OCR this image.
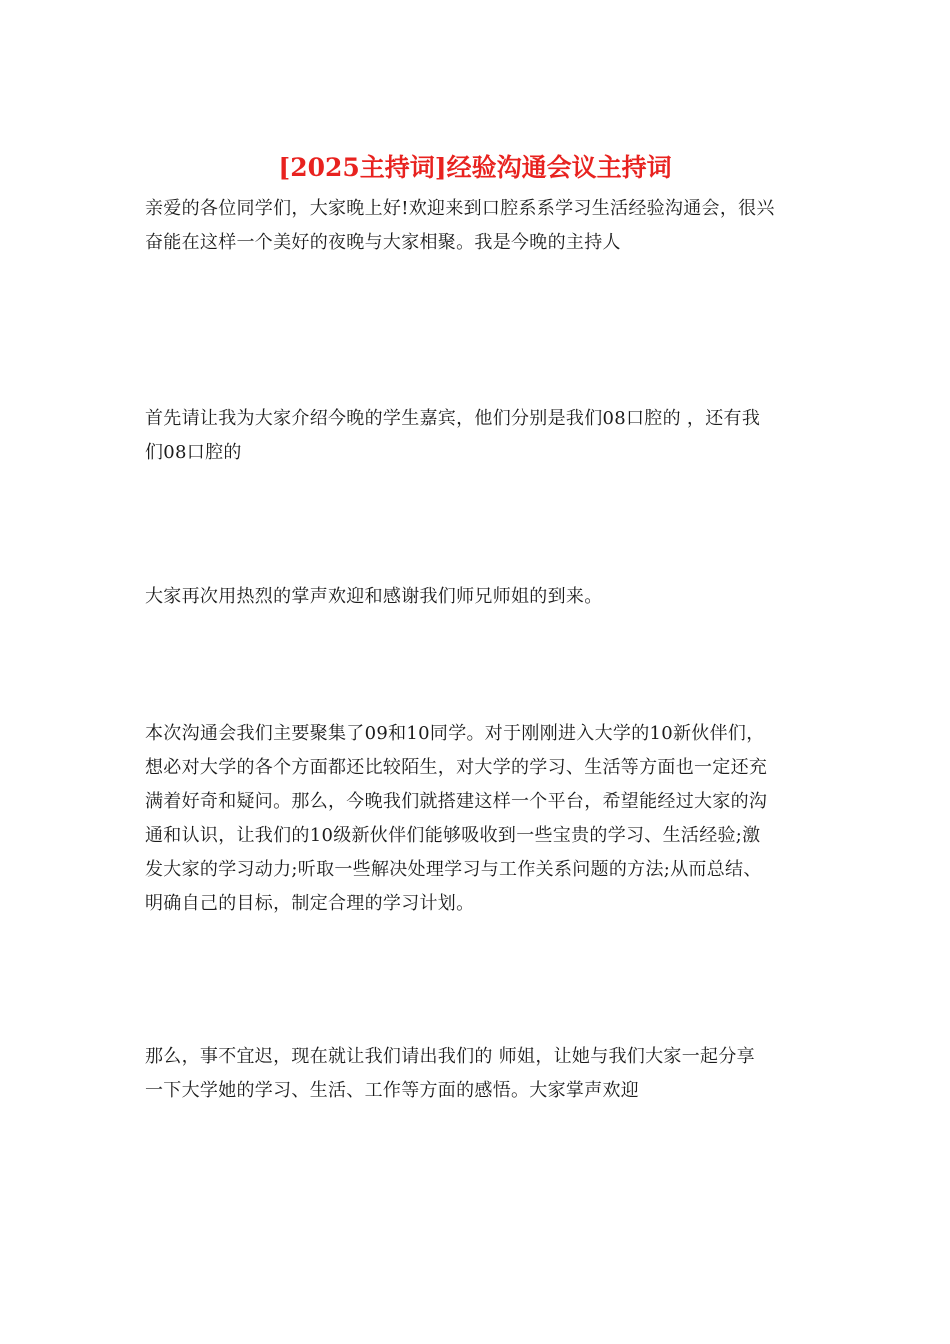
[2025主持词]经验沟通会议主持词

亲爱的各位同学们，大家晚上好!欢迎来到口腔系系学习生活经验沟通会，很兴
奋能在这样一个美好的夜晚与大家相聚。我是今晚的主持人

首先请让我为大家介绍今晚的学生嘉宾，他们分别是我们08口腔的 ，还有我
们08口腔的

大家再次用热烈的掌声欢迎和感谢我们师兄师姐的到来。

本次沟通会我们主要聚集了09和10同学。对于刚刚进入大学的10新伙伴们，
想必对大学的各个方面都还比较陌生，对大学的学习、生活等方面也一定还充
满着好奇和疑问。那么，今晚我们就搭建这样一个平台，希望能经过大家的沟
通和认识，让我们的10级新伙伴们能够吸收到一些宝贵的学习、生活经验;激
发大家的学习动力;听取一些解决处理学习与工作关系问题的方法;从而总结、
明确自己的目标，制定合理的学习计划。

那么，事不宜迟，现在就让我们请出我们的 师姐，让她与我们大家一起分享
一下大学她的学习、生活、工作等方面的感悟。大家掌声欢迎
